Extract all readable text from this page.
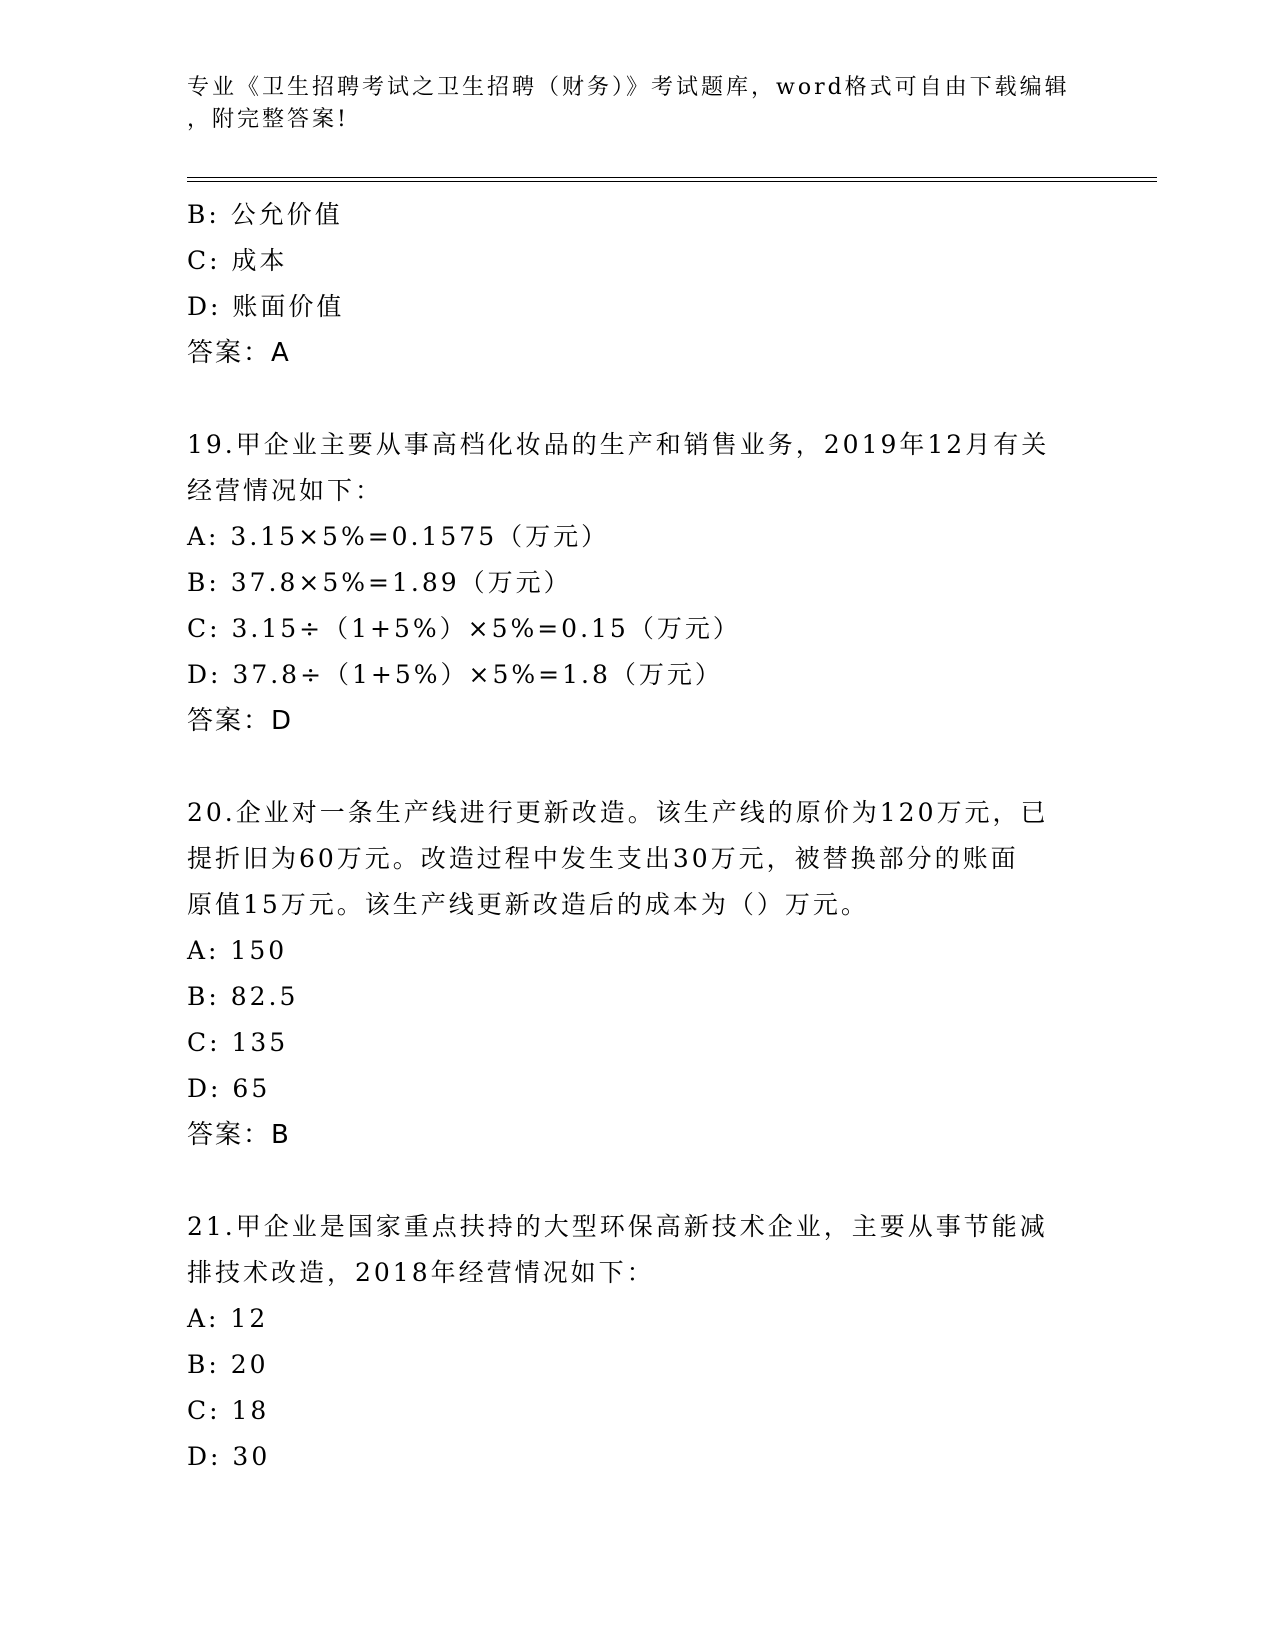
专业《卫生招聘考试之卫生招聘（财务）》考试题库，word格式可自由下载编辑
，附完整答案!
B: 公允价值
C: 成本
D: 账面价值
答案：A
19.甲企业主要从事高档化妆品的生产和销售业务，2019年12月有关
经营情况如下：
A: 3.15×5%=0.1575（万元）
B: 37.8×5%=1.89（万元）
C: 3.15÷（1+5%）×5%=0.15（万元）
D: 37.8÷（1+5%）×5%=1.8（万元）
答案：D
20.企业对一条生产线进行更新改造。该生产线的原价为120万元，已
提折旧为60万元。改造过程中发生支出30万元，被替换部分的账面
原值15万元。该生产线更新改造后的成本为（）万元。
A: 150
B: 82.5
C: 135
D: 65
答案：B
21.甲企业是国家重点扶持的大型环保高新技术企业，主要从事节能减
排技术改造，2018年经营情况如下：
A: 12
B: 20
C: 18
D: 30
